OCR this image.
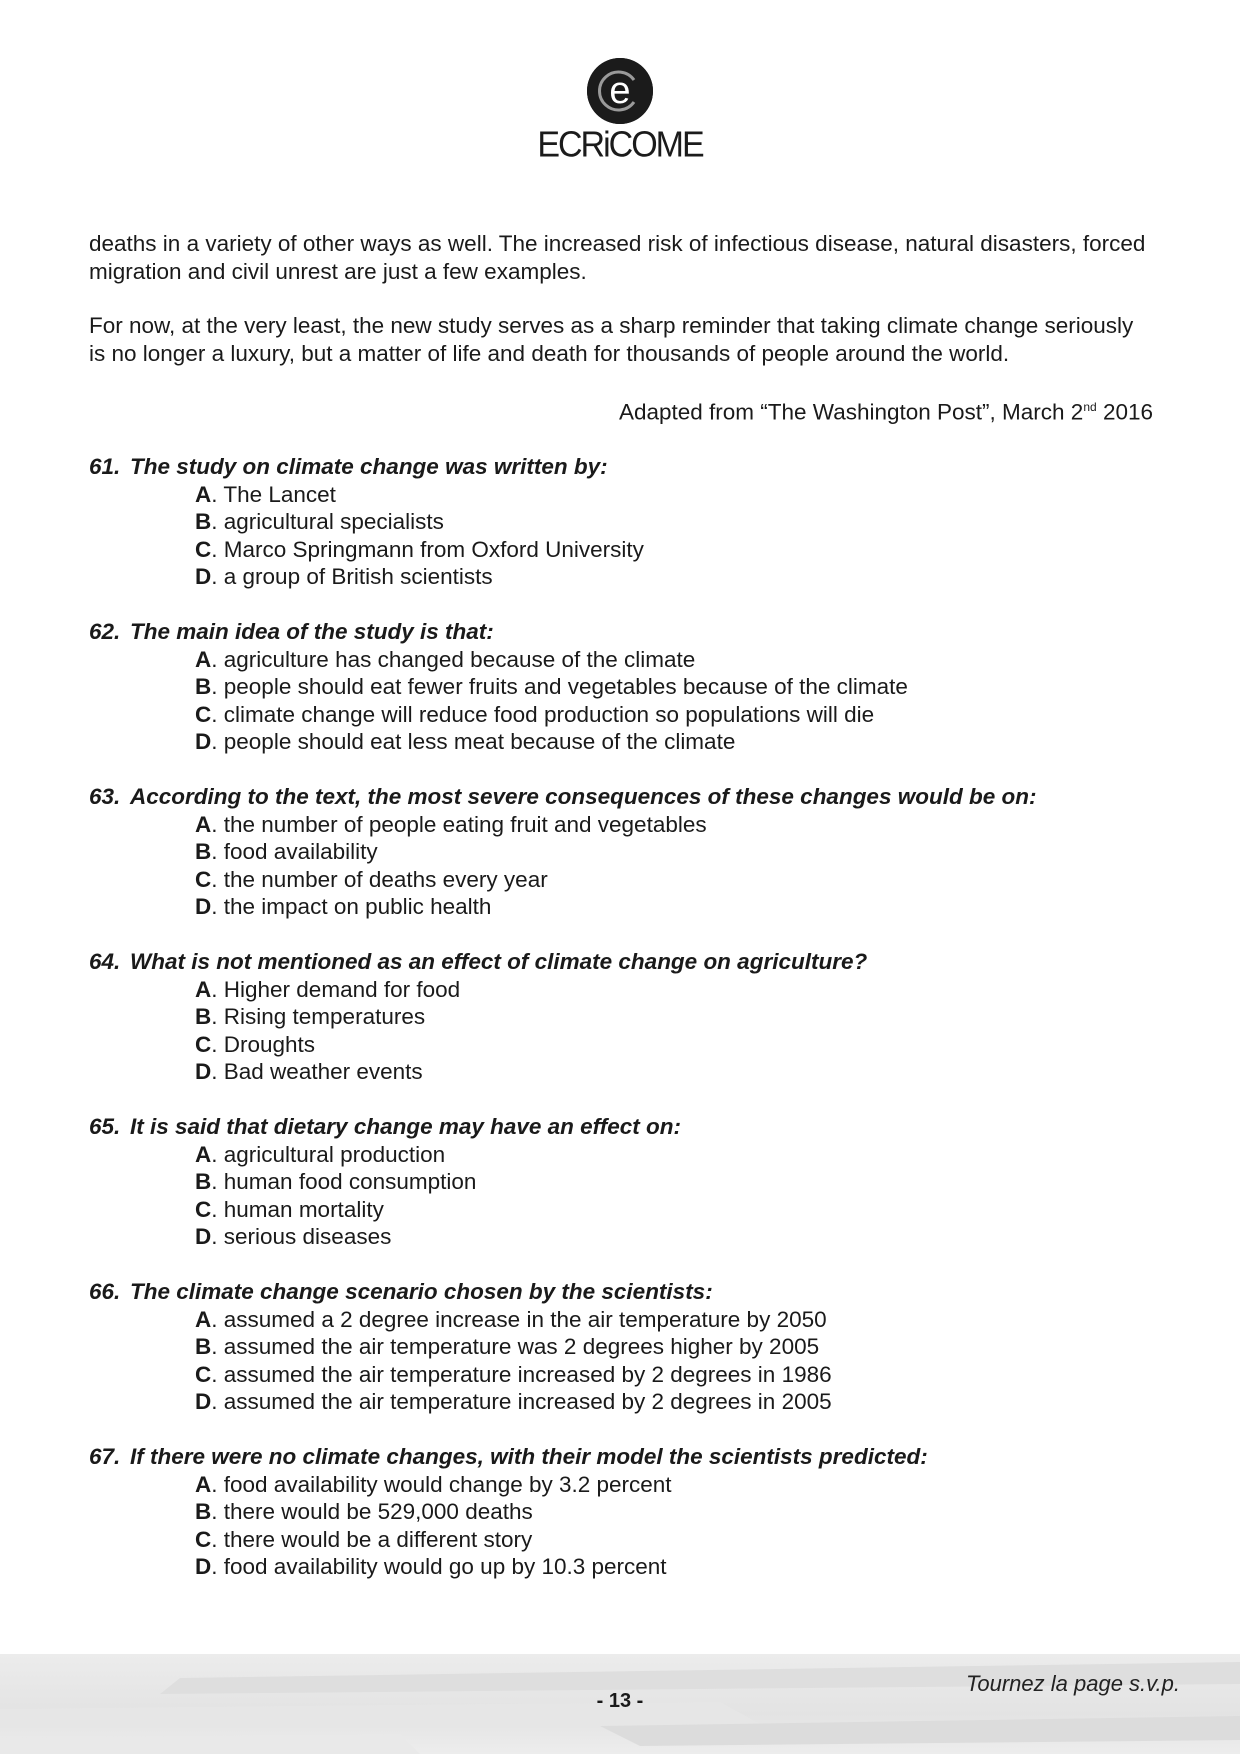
e
ECRiCOME

deaths in a variety of other ways as well. The increased risk of infectious disease, natural disasters, forced migration and civil unrest are just a few examples.

For now, at the very least, the new study serves as a sharp reminder that taking climate change seriously is no longer a luxury, but a matter of life and death for thousands of people around the world.

Adapted from “The Washington Post”, March 2nd 2016

61. The study on climate change was written by:
A. The Lancet
B. agricultural specialists
C. Marco Springmann from Oxford University
D. a group of British scientists
62. The main idea of the study is that:
A. agriculture has changed because of the climate
B. people should eat fewer fruits and vegetables because of the climate
C. climate change will reduce food production so populations will die
D. people should eat less meat because of the climate
63. According to the text, the most severe consequences of these changes would be on:
A. the number of people eating fruit and vegetables
B. food availability
C. the number of deaths every year
D. the impact on public health
64. What is not mentioned as an effect of climate change on agriculture?
A. Higher demand for food
B. Rising temperatures
C. Droughts
D. Bad weather events
65. It is said that dietary change may have an effect on:
A. agricultural production
B. human food consumption
C. human mortality
D. serious diseases
66. The climate change scenario chosen by the scientists:
A. assumed a 2 degree increase in the air temperature by 2050
B. assumed the air temperature was 2 degrees higher by 2005
C. assumed the air temperature increased by 2 degrees in 1986
D. assumed the air temperature increased by 2 degrees in 2005
67. If there were no climate changes, with their model the scientists predicted:
A. food availability would change by 3.2 percent
B. there would be 529,000 deaths
C. there would be a different story
D. food availability would go up by 10.3 percent
Tournez la page s.v.p.
- 13 -
